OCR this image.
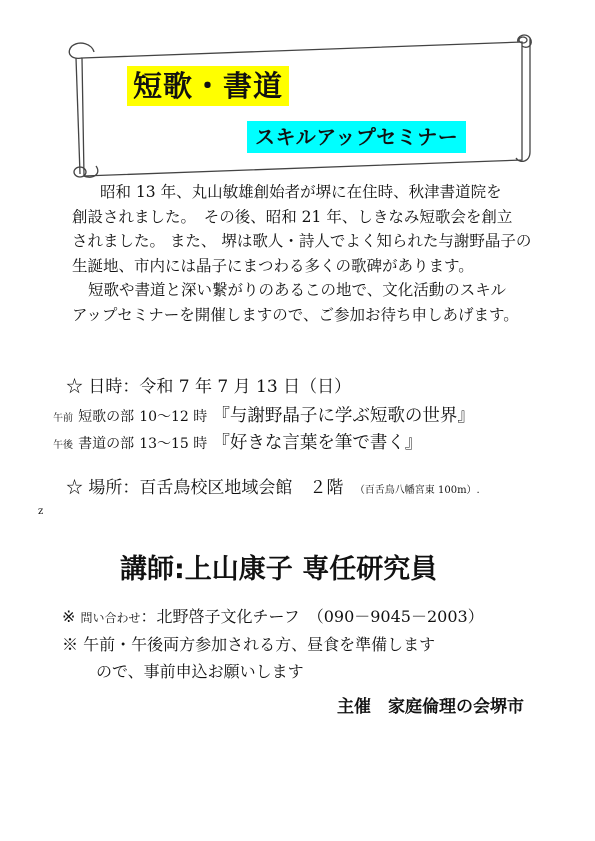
短歌・書道
スキルアップセミナー

昭和 13 年、丸山敏雄創始者が堺に在住時、秋津書道院を

創設されました。　その後、昭和 21 年、しきなみ短歌会を創立

されました。 また、 堺は歌人・詩人でよく知られた与謝野晶子の

生誕地、市内には晶子にまつわる多くの歌碑があります。

短歌や書道と深い繋がりのあるこの地で、文化活動のスキル

アップセミナーを開催しますので、ご参加お待ち申しあげます。

☆ 日時：令和 7 年 7 月 13 日（日）
午前 短歌の部 10～12 時 『与謝野晶子に学ぶ短歌の世界』
午後 書道の部 13～15 時 『好きな言葉を筆で書く』
☆ 場所：百舌鳥校区地域会館　２階 （百舌鳥八幡宮東 100m）.
z
講師:上山康子 専任研究員
※ 問い合わせ：北野啓子文化チーフ　（090－9045－2003）
※ 午前・午後両方参加される方、昼食を準備します
ので、事前申込お願いします
主催　家庭倫理の会堺市
